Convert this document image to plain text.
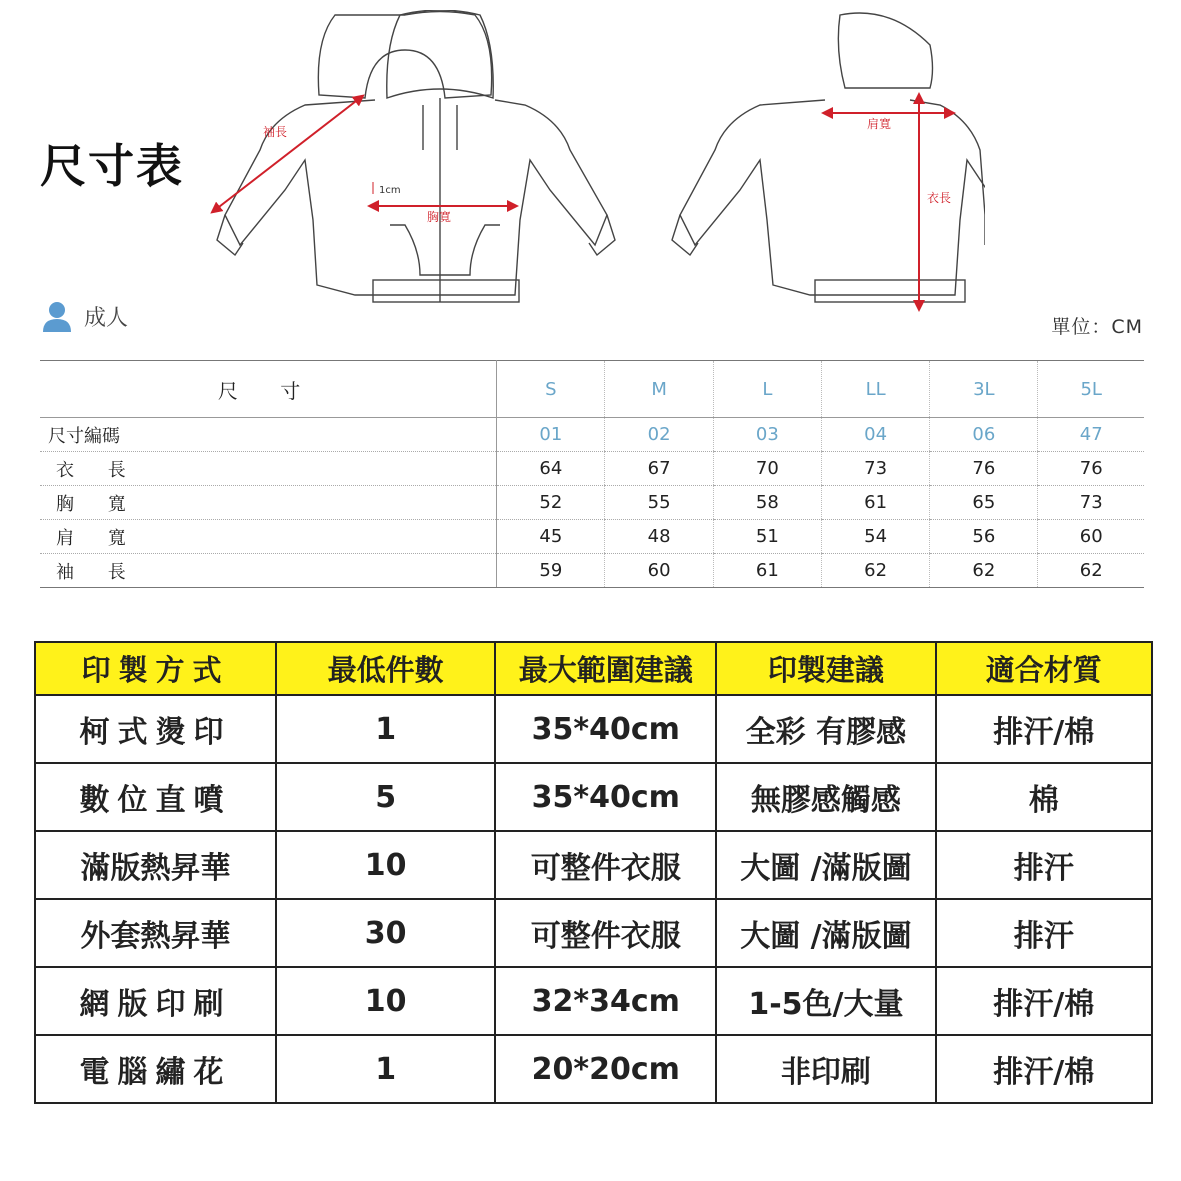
尺寸表
袖長
1cm
胸寬
肩寬
衣長
成人	單位：CM
尺 寸	S	M	L	LL	3L	5L
尺寸編碼	01	02	03	04	06	47
衣 長	64	67	70	73	76	76
胸 寬	52	55	58	61	65	73
肩 寬	45	48	51	54	56	60
袖 長	59	60	61	62	62	62
印製方式	最低件數	最大範圍建議	印製建議	適合材質
柯式燙印	1	35*40cm	全彩 有膠感	排汗/棉
數位直噴	5	35*40cm	無膠感觸感	棉
滿版熱昇華	10	可整件衣服	大圖 /滿版圖	排汗
外套熱昇華	30	可整件衣服	大圖 /滿版圖	排汗
網版印刷	10	32*34cm	1-5色/大量	排汗/棉
電腦繡花	1	20*20cm	非印刷	排汗/棉
